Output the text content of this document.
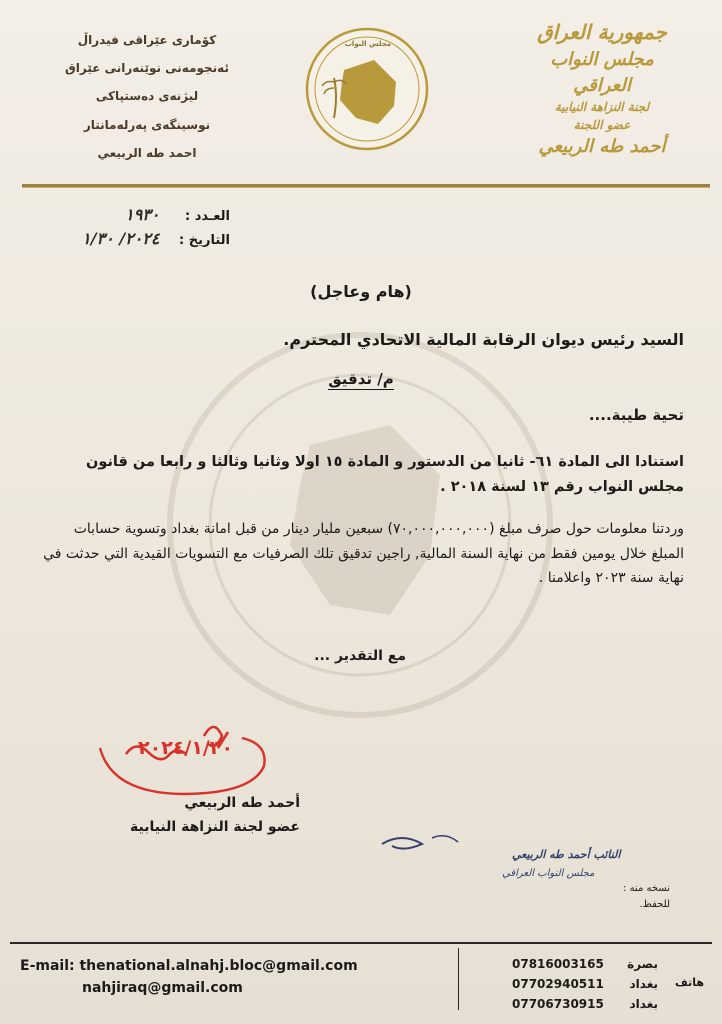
جمهورية العراق
مجلس النواب العراقي
لجنة النزاهة النيابية
عضو اللجنة
أحمد طه الربيعي
مجلس النواب
كۆماری عێراقی فیدراڵ
ئەنجومەنی نوێنەرانی عێراق
لیژنەی دەستپاکی
نوسینگەی پەرلەمانتار
احمد طه الربيعي
العـدد : ١٩٣٠
التاريخ : ٢٠٢٤/ ١/٣٠
(هام وعاجل)
السيد رئيس ديوان الرقابة المالية الاتحادي المحترم.
م/ تدقيق
تحية طيبة....
استنادا الى المادة ٦١- ثانيا من الدستور و المادة ١٥ اولا وثانيا وثالثا و رابعا من قانون مجلس النواب رقم ١٣ لسنة ٢٠١٨ .
وردتنا معلومات حول صرف مبلغ (٧٠,٠٠٠,٠٠٠,٠٠٠) سبعين مليار دينار من قبل امانة بغداد وتسوية حسابات المبلغ خلال يومين فقط من نهاية السنة المالية, راجين تدقيق تلك الصرفيات مع التسويات القيدية التي حدثت في نهاية سنة ٢٠٢٣ واعلامنا .
مع التقدير ...
٢٠٢٤/١/٣٠
أحمد طه الربيعي
عضو لجنة النزاهة النيابية
النائب أحمد طه الربيعي
مجلس النواب العراقي
نسخه منه :
للحفظ.
E-mail: thenational.alnahj.bloc@gmail.com
nahjiraq@gmail.com
07816003165 بصرة
07702940511 بغداد
07706730915 بغداد
هاتف
